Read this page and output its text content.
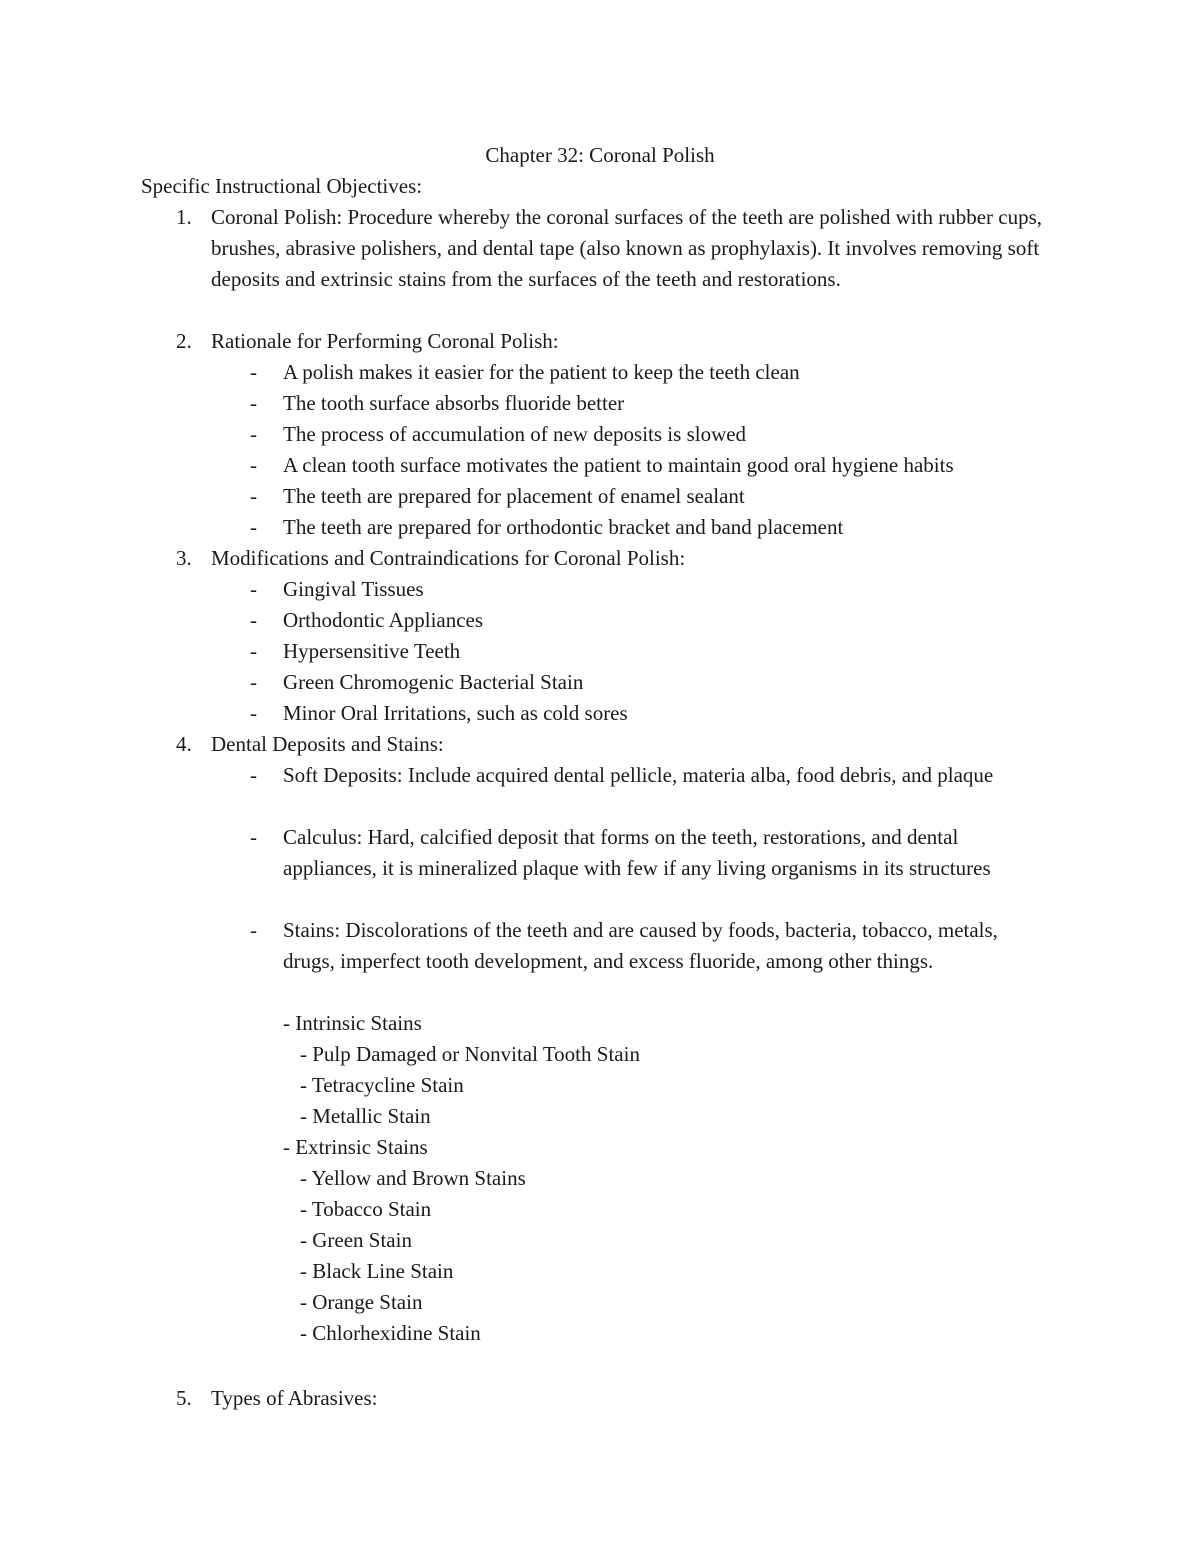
Chapter 32: Coronal Polish
Specific Instructional Objectives:
1. Coronal Polish: Procedure whereby the coronal surfaces of the teeth are polished with rubber cups, brushes, abrasive polishers, and dental tape (also known as prophylaxis). It involves removing soft deposits and extrinsic stains from the surfaces of the teeth and restorations.
2. Rationale for Performing Coronal Polish:
- A polish makes it easier for the patient to keep the teeth clean
- The tooth surface absorbs fluoride better
- The process of accumulation of new deposits is slowed
- A clean tooth surface motivates the patient to maintain good oral hygiene habits
- The teeth are prepared for placement of enamel sealant
- The teeth are prepared for orthodontic bracket and band placement
3. Modifications and Contraindications for Coronal Polish:
- Gingival Tissues
- Orthodontic Appliances
- Hypersensitive Teeth
- Green Chromogenic Bacterial Stain
- Minor Oral Irritations, such as cold sores
4. Dental Deposits and Stains:
- Soft Deposits: Include acquired dental pellicle, materia alba, food debris, and plaque
- Calculus: Hard, calcified deposit that forms on the teeth, restorations, and dental appliances, it is mineralized plaque with few if any living organisms in its structures
- Stains: Discolorations of the teeth and are caused by foods, bacteria, tobacco, metals, drugs, imperfect tooth development, and excess fluoride, among other things.
- Intrinsic Stains
- Pulp Damaged or Nonvital Tooth Stain
- Tetracycline Stain
- Metallic Stain
- Extrinsic Stains
- Yellow and Brown Stains
- Tobacco Stain
- Green Stain
- Black Line Stain
- Orange Stain
- Chlorhexidine Stain
5. Types of Abrasives:
